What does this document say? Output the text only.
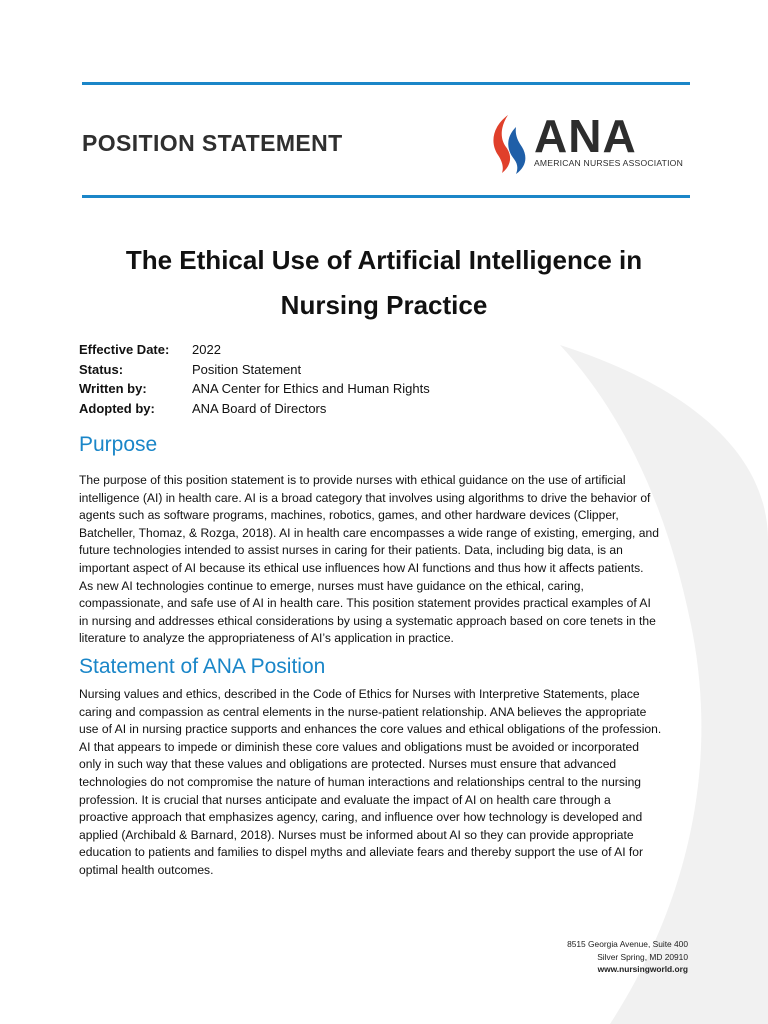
POSITION STATEMENT	ANA
AMERICAN NURSES ASSOCIATION
The Ethical Use of Artificial Intelligence in
Nursing Practice
Effective Date:	2022
Status:	Position Statement
Written by:	ANA Center for Ethics and Human Rights
Adopted by:	ANA Board of Directors
Purpose
The purpose of this position statement is to provide nurses with ethical guidance on the use of artificial
intelligence (AI) in health care. AI is a broad category that involves using algorithms to drive the behavior of
agents such as software programs, machines, robotics, games, and other hardware devices (Clipper,
Batcheller, Thomaz, & Rozga, 2018). AI in health care encompasses a wide range of existing, emerging, and
future technologies intended to assist nurses in caring for their patients. Data, including big data, is an
important aspect of AI because its ethical use influences how AI functions and thus how it affects patients.
As new AI technologies continue to emerge, nurses must have guidance on the ethical, caring,
compassionate, and safe use of AI in health care. This position statement provides practical examples of AI
in nursing and addresses ethical considerations by using a systematic approach based on core tenets in the
literature to analyze the appropriateness of AI’s application in practice.
Statement of ANA Position
Nursing values and ethics, described in the Code of Ethics for Nurses with Interpretive Statements, place
caring and compassion as central elements in the nurse-patient relationship. ANA believes the appropriate
use of AI in nursing practice supports and enhances the core values and ethical obligations of the profession.
AI that appears to impede or diminish these core values and obligations must be avoided or incorporated
only in such way that these values and obligations are protected. Nurses must ensure that advanced
technologies do not compromise the nature of human interactions and relationships central to the nursing
profession. It is crucial that nurses anticipate and evaluate the impact of AI on health care through a
proactive approach that emphasizes agency, caring, and influence over how technology is developed and
applied (Archibald & Barnard, 2018). Nurses must be informed about AI so they can provide appropriate
education to patients and families to dispel myths and alleviate fears and thereby support the use of AI for
optimal health outcomes.
8515 Georgia Avenue, Suite 400
Silver Spring, MD 20910
www.nursingworld.org
